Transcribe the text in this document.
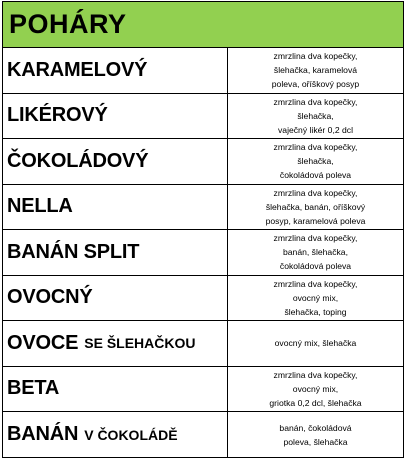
POHÁRY
KARAMELOVÝ
zmrzlina dva kopečky,
šlehačka, karamelová
poleva, oříškový posyp
LIKÉROVÝ
zmrzlina dva kopečky,
šlehačka,
vaječný likér 0,2 dcl
ČOKOLÁDOVÝ
zmrzlina dva kopečky,
šlehačka,
čokoládová poleva
NELLA
zmrzlina dva kopečky,
šlehačka, banán, oříškový
posyp, karamelová poleva
BANÁN SPLIT
zmrzlina dva kopečky,
banán, šlehačka,
čokoládová poleva
OVOCNÝ
zmrzlina dva kopečky,
ovocný mix,
šlehačka, toping
OVOCE SE ŠLEHAČKOU	ovocný mix, šlehačka
BETA
zmrzlina dva kopečky,
ovocný mix,
griotka 0,2 dcl, šlehačka
BANÁN V ČOKOLÁDĚ	banán, čokoládová
poleva, šlehačka
